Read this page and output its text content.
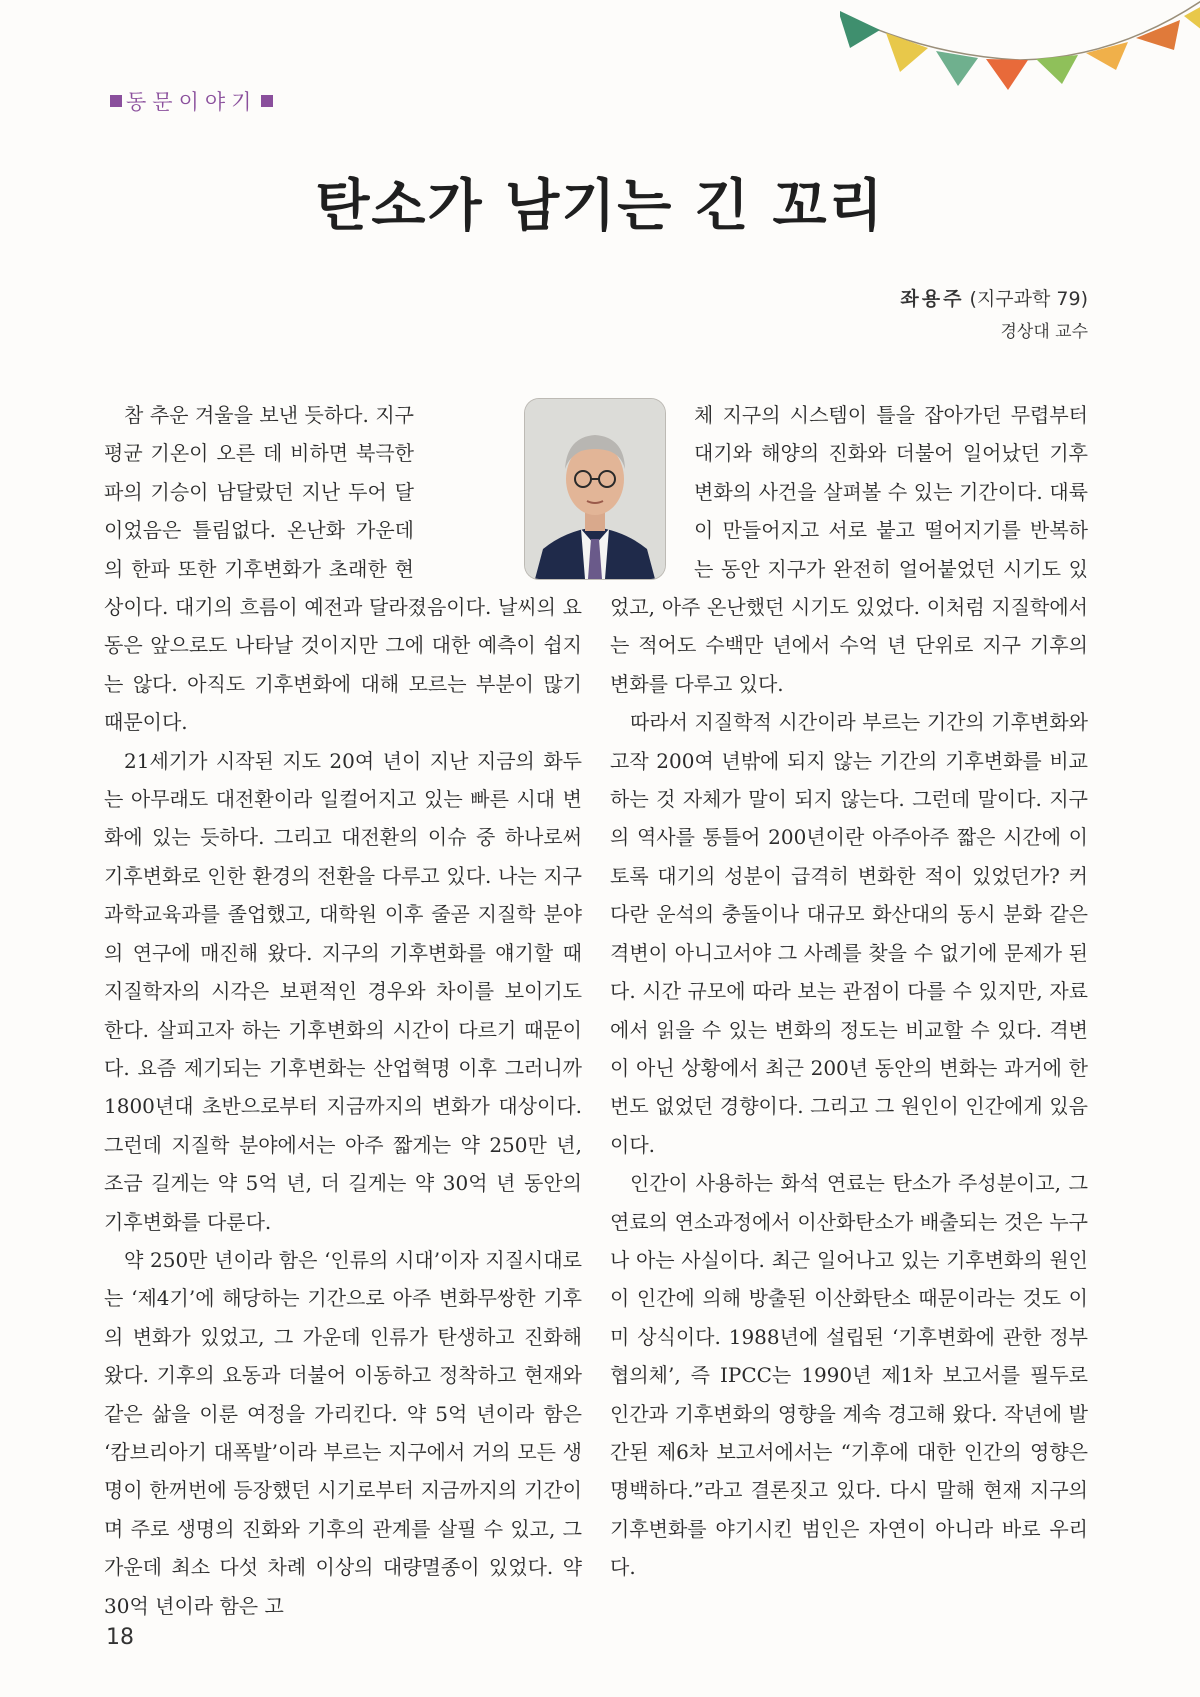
동문이야기
탄소가 남기는 긴 꼬리
좌용주 (지구과학 79)
경상대 교수

참 추운 겨울을 보낸 듯하다. 지구 평균 기온이 오른 데 비하면 북극한파의 기승이 남달랐던 지난 두어 달이었음은 틀림없다. 온난화 가운데의 한파 또한 기후변화가 초래한 현상이다. 대기의 흐름이 예전과 달라졌음이다. 날씨의 요동은 앞으로도 나타날 것이지만 그에 대한 예측이 쉽지는 않다. 아직도 기후변화에 대해 모르는 부분이 많기 때문이다.

21세기가 시작된 지도 20여 년이 지난 지금의 화두는 아무래도 대전환이라 일컬어지고 있는 빠른 시대 변화에 있는 듯하다. 그리고 대전환의 이슈 중 하나로써 기후변화로 인한 환경의 전환을 다루고 있다. 나는 지구과학교육과를 졸업했고, 대학원 이후 줄곧 지질학 분야의 연구에 매진해 왔다. 지구의 기후변화를 얘기할 때 지질학자의 시각은 보편적인 경우와 차이를 보이기도 한다. 살피고자 하는 기후변화의 시간이 다르기 때문이다. 요즘 제기되는 기후변화는 산업혁명 이후 그러니까 1800년대 초반으로부터 지금까지의 변화가 대상이다. 그런데 지질학 분야에서는 아주 짧게는 약 250만 년, 조금 길게는 약 5억 년, 더 길게는 약 30억 년 동안의 기후변화를 다룬다.

약 250만 년이라 함은 ‘인류의 시대’이자 지질시대로는 ‘제4기’에 해당하는 기간으로 아주 변화무쌍한 기후의 변화가 있었고, 그 가운데 인류가 탄생하고 진화해 왔다. 기후의 요동과 더불어 이동하고 정착하고 현재와 같은 삶을 이룬 여정을 가리킨다. 약 5억 년이라 함은 ‘캄브리아기 대폭발’이라 부르는 지구에서 거의 모든 생명이 한꺼번에 등장했던 시기로부터 지금까지의 기간이며 주로 생명의 진화와 기후의 관계를 살필 수 있고, 그 가운데 최소 다섯 차례 이상의 대량멸종이 있었다. 약 30억 년이라 함은 고

체 지구의 시스템이 틀을 잡아가던 무렵부터 대기와 해양의 진화와 더불어 일어났던 기후변화의 사건을 살펴볼 수 있는 기간이다. 대륙이 만들어지고 서로 붙고 떨어지기를 반복하는 동안 지구가 완전히 얼어붙었던 시기도 있었고, 아주 온난했던 시기도 있었다. 이처럼 지질학에서는 적어도 수백만 년에서 수억 년 단위로 지구 기후의 변화를 다루고 있다.

따라서 지질학적 시간이라 부르는 기간의 기후변화와 고작 200여 년밖에 되지 않는 기간의 기후변화를 비교하는 것 자체가 말이 되지 않는다. 그런데 말이다. 지구의 역사를 통틀어 200년이란 아주아주 짧은 시간에 이토록 대기의 성분이 급격히 변화한 적이 있었던가? 커다란 운석의 충돌이나 대규모 화산대의 동시 분화 같은 격변이 아니고서야 그 사례를 찾을 수 없기에 문제가 된다. 시간 규모에 따라 보는 관점이 다를 수 있지만, 자료에서 읽을 수 있는 변화의 정도는 비교할 수 있다. 격변이 아닌 상황에서 최근 200년 동안의 변화는 과거에 한 번도 없었던 경향이다. 그리고 그 원인이 인간에게 있음이다.

인간이 사용하는 화석 연료는 탄소가 주성분이고, 그 연료의 연소과정에서 이산화탄소가 배출되는 것은 누구나 아는 사실이다. 최근 일어나고 있는 기후변화의 원인이 인간에 의해 방출된 이산화탄소 때문이라는 것도 이미 상식이다. 1988년에 설립된 ‘기후변화에 관한 정부 협의체’, 즉 IPCC는 1990년 제1차 보고서를 필두로 인간과 기후변화의 영향을 계속 경고해 왔다. 작년에 발간된 제6차 보고서에서는 “기후에 대한 인간의 영향은 명백하다.”라고 결론짓고 있다. 다시 말해 현재 지구의 기후변화를 야기시킨 범인은 자연이 아니라 바로 우리다.

18
